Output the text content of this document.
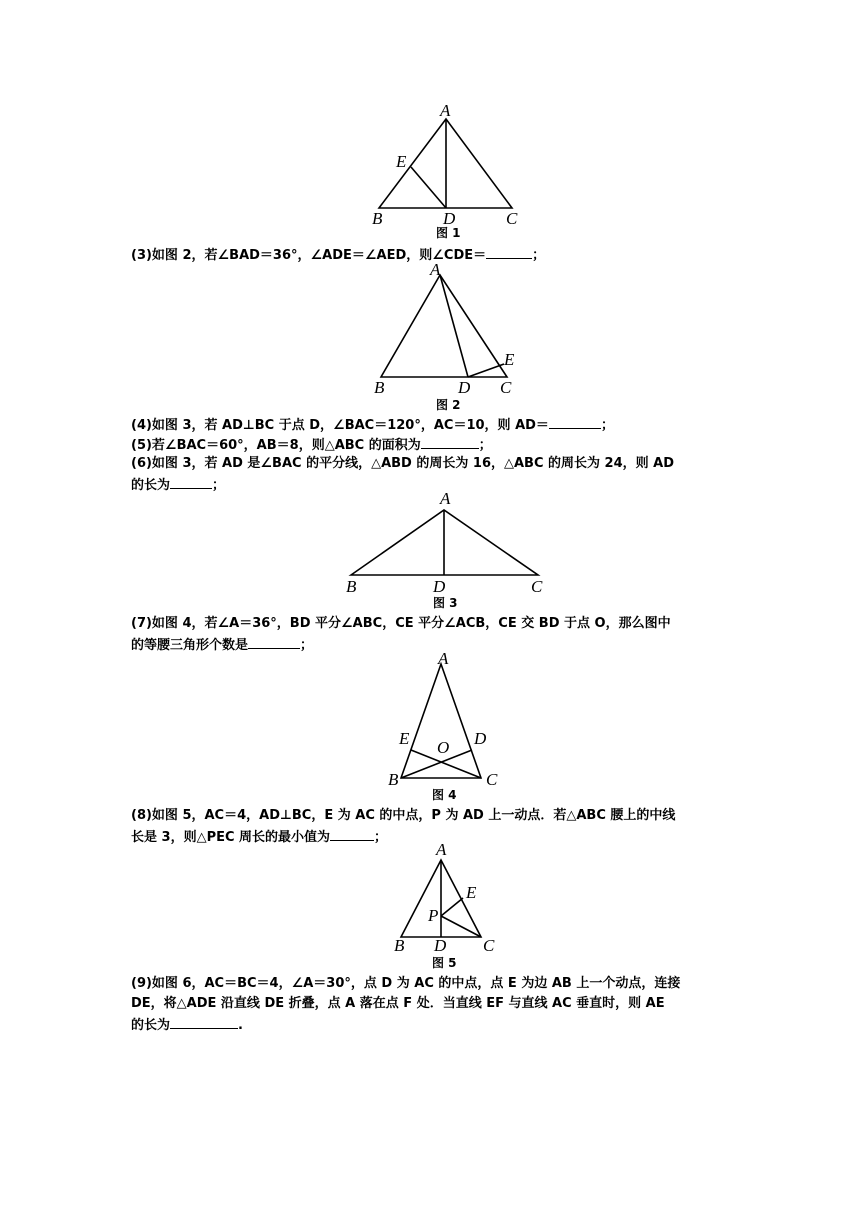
A
E
B	D	C
图 1
(3)如图 2，若∠BAD＝36°，∠ADE＝∠AED，则∠CDE＝	；
A
E
B	D C
图 2
(4)如图 3，若 AD⊥BC 于点 D，∠BAC＝120°，AC＝10，则 AD＝	；
(5)若∠BAC＝60°，AB＝8，则△ABC 的面积为	；
(6)如图 3，若 AD 是∠BAC 的平分线，△ABD 的周长为 16，△ABC 的周长为 24，则 AD
的长为	；
A
B	D	C
图 3
(7)如图 4，若∠A＝36°，BD 平分∠ABC，CE 平分∠ACB，CE 交 BD 于点 O，那么图中
的等腰三角形个数是	；
A
E O D
B	C
图 4
(8)如图 5，AC＝4，AD⊥BC，E 为 AC 的中点，P 为 AD 上一动点．若△ABC 腰上的中线
长是 3，则△PEC 周长的最小值为	；
A
E
P
B D C
图 5
(9)如图 6，AC＝BC＝4，∠A＝30°，点 D 为 AC 的中点，点 E 为边 AB 上一个动点，连接
DE，将△ADE 沿直线 DE 折叠，点 A 落在点 F 处．当直线 EF 与直线 AC 垂直时，则 AE
的长为	.
